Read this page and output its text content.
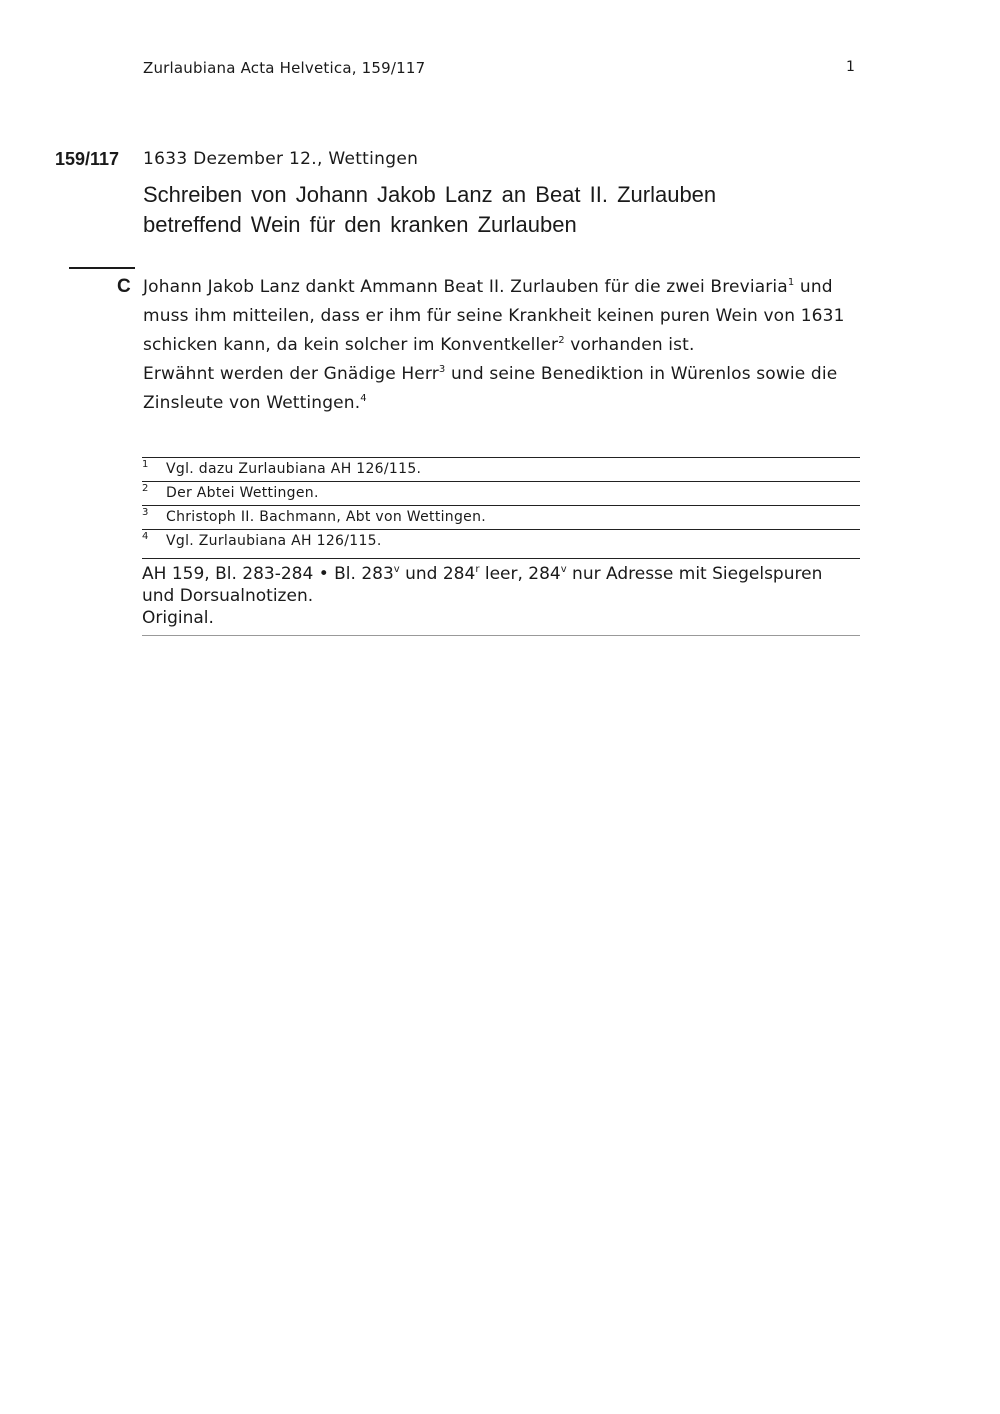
Zurlaubiana Acta Helvetica, 159/117	1
159/117 1633 Dezember 12., Wettingen
Schreiben von Johann Jakob Lanz an Beat II. Zurlauben
betreffend Wein für den kranken Zurlauben
C Johann Jakob Lanz dankt Ammann Beat II. Zurlauben für die zwei Breviaria$^1$ und

muss ihm mitteilen, dass er ihm für seine Krankheit keinen puren Wein von 1631

schicken kann, da kein solcher im Konventkeller$^2$ vorhanden ist.

Erwähnt werden der Gnädige Herr$^3$ und seine Benediktion in Würenlos sowie die

Zinsleute von Wettingen.$^4$

1 Vgl. dazu Zurlaubiana AH 126/115.
2 Der Abtei Wettingen.
3 Christoph II. Bachmann, Abt von Wettingen.
4 Vgl. Zurlaubiana AH 126/115.
AH 159, Bl. 283-284 • Bl. 283$^v$ und 284$^r$ leer, 284$^v$ nur Adresse mit Siegelspuren
und Dorsualnotizen.
Original.
